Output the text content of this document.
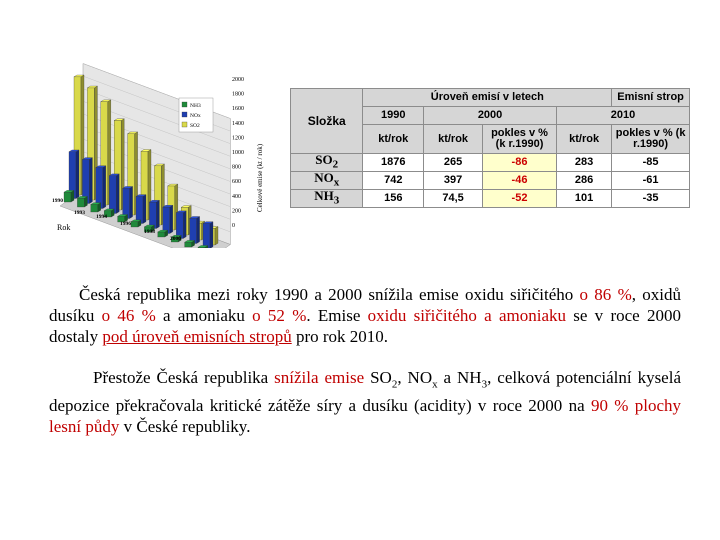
2000
1800
1600
1400
1200
1000
800
600
400
200
0
1990
1993
1994
1996
1998
2000
NH3
NOx
SO2
Celkové emise (kt / rok)
Rok
Složka	Úroveň emisí v letech				Emisní strop
	1990	2000		2010
	kt/rok	kt/rok	pokles v % (k r.1990)	kt/rok	pokles v % (k r.1990)
$SO_2$	1876	265	-86	283	-85
$NO_x$	742	397	-46	286	-61
$NH_3$	156	74,5	-52	101	-35

Česká republika mezi roky 1990 a 2000 snížila emise oxidu siřičitého o 86 %, oxidů dusíku o 46 % a amoniaku o 52 %. Emise oxidu siřičitého a amoniaku se v roce 2000 dostaly pod úroveň emisních stropů pro rok 2010.

Přestože Česká republika snížila emise $SO_2$, $NO_x$ a $NH_3$, celková potenciální kyselá depozice překračovala kritické zátěže síry a dusíku (acidity) v roce 2000 na 90 % plochy lesní půdy v České republiky.
